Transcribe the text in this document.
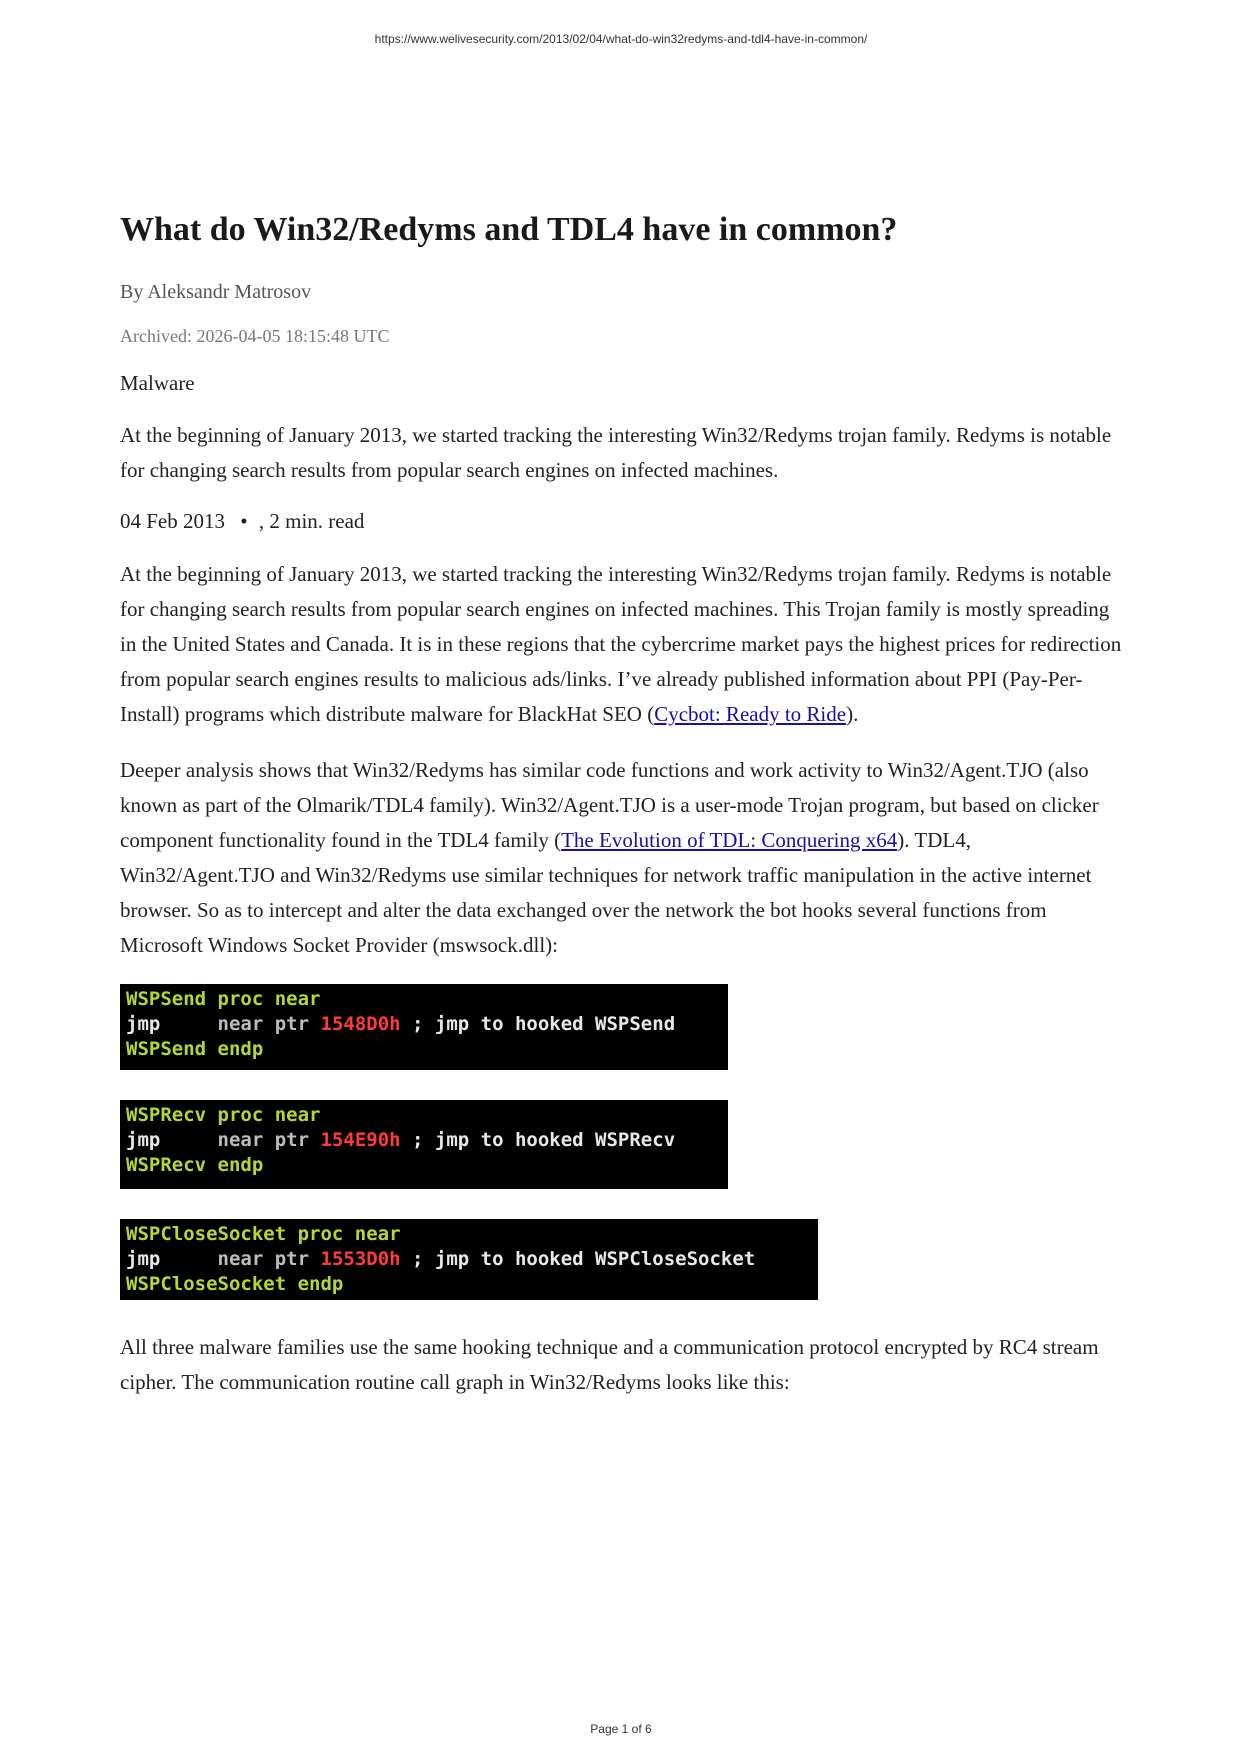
https://www.welivesecurity.com/2013/02/04/what-do-win32redyms-and-tdl4-have-in-common/
What do Win32/Redyms and TDL4 have in common?
By Aleksandr Matrosov
Archived: 2026-04-05 18:15:48 UTC
Malware

At the beginning of January 2013, we started tracking the interesting Win32/Redyms trojan family. Redyms is notable for changing search results from popular search engines on infected machines.

04 Feb 2013 • , 2 min. read

At the beginning of January 2013, we started tracking the interesting Win32/Redyms trojan family. Redyms is notable for changing search results from popular search engines on infected machines. This Trojan family is mostly spreading in the United States and Canada. It is in these regions that the cybercrime market pays the highest prices for redirection from popular search engines results to malicious ads/links. I’ve already published information about PPI (Pay-Per-Install) programs which distribute malware for BlackHat SEO (Cycbot: Ready to Ride).

Deeper analysis shows that Win32/Redyms has similar code functions and work activity to Win32/Agent.TJO (also known as part of the Olmarik/TDL4 family). Win32/Agent.TJO is a user-mode Trojan program, but based on clicker component functionality found in the TDL4 family (The Evolution of TDL: Conquering x64). TDL4, Win32/Agent.TJO and Win32/Redyms use similar techniques for network traffic manipulation in the active internet browser. So as to intercept and alter the data exchanged over the network the bot hooks several functions from Microsoft Windows Socket Provider (mswsock.dll):

WSPSend proc near
jmp	near ptr 1548D0h ; jmp to hooked WSPSend
WSPSend endp
WSPRecv proc near
jmp	near ptr 154E90h ; jmp to hooked WSPRecv
WSPRecv endp
WSPCloseSocket proc near
jmp	near ptr 1553D0h ; jmp to hooked WSPCloseSocket
WSPCloseSocket endp

All three malware families use the same hooking technique and a communication protocol encrypted by RC4 stream cipher. The communication routine call graph in Win32/Redyms looks like this:

Page 1 of 6
